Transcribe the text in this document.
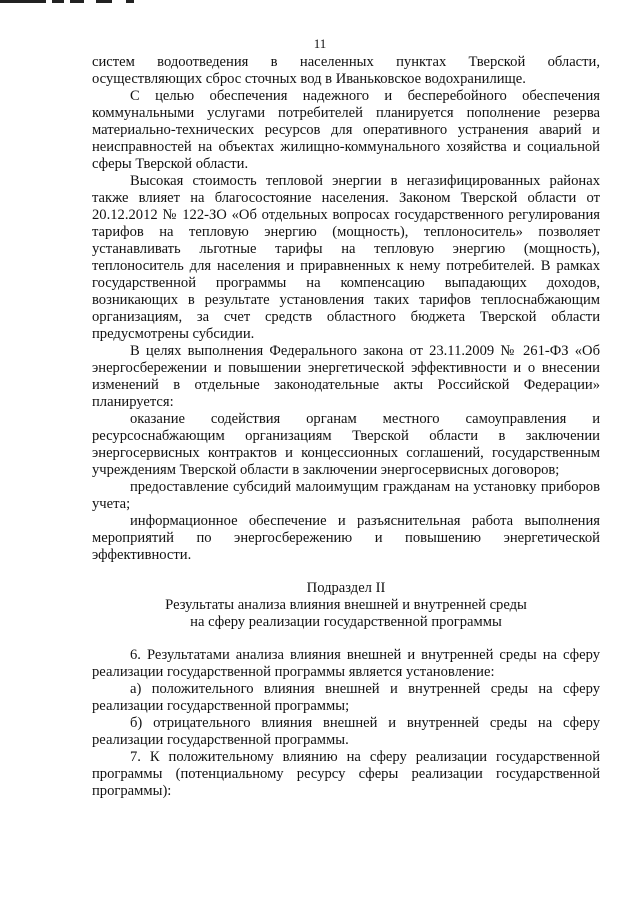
11

систем водоотведения в населенных пунктах Тверской области, осуществляющих сброс сточных вод в Иваньковское водохранилище.

С целью обеспечения надежного и бесперебойного обеспечения коммунальными услугами потребителей планируется пополнение резерва материально-технических ресурсов для оперативного устранения аварий и неисправностей на объектах жилищно-коммунального хозяйства и социальной сферы Тверской области.

Высокая стоимость тепловой энергии в негазифицированных районах также влияет на благосостояние населения. Законом Тверской области от 20.12.2012 № 122-ЗО «Об отдельных вопросах государственного регулирования тарифов на тепловую энергию (мощность), теплоноситель» позволяет устанавливать льготные тарифы на тепловую энергию (мощность), теплоноситель для населения и приравненных к нему потребителей. В рамках государственной программы на компенсацию выпадающих доходов, возникающих в результате установления таких тарифов теплоснабжающим организациям, за счет средств областного бюджета Тверской области предусмотрены субсидии.

В целях выполнения Федерального закона от 23.11.2009 № 261-ФЗ «Об энергосбережении и повышении энергетической эффективности и о внесении изменений в отдельные законодательные акты Российской Федерации» планируется:

оказание содействия органам местного самоуправления и ресурсоснабжающим организациям Тверской области в заключении энергосервисных контрактов и концессионных соглашений, государственным учреждениям Тверской области в заключении энергосервисных договоров;

предоставление субсидий малоимущим гражданам на установку приборов учета;

информационное обеспечение и разъяснительная работа выполнения мероприятий по энергосбережению и повышению энергетической эффективности.

Подраздел II

Результаты анализа влияния внешней и внутренней среды

на сферу реализации государственной программы

6. Результатами анализа влияния внешней и внутренней среды на сферу реализации государственной программы является установление:

а) положительного влияния внешней и внутренней среды на сферу реализации государственной программы;

б) отрицательного влияния внешней и внутренней среды на сферу реализации государственной программы.

7. К положительному влиянию на сферу реализации государственной программы (потенциальному ресурсу сферы реализации государственной программы):
